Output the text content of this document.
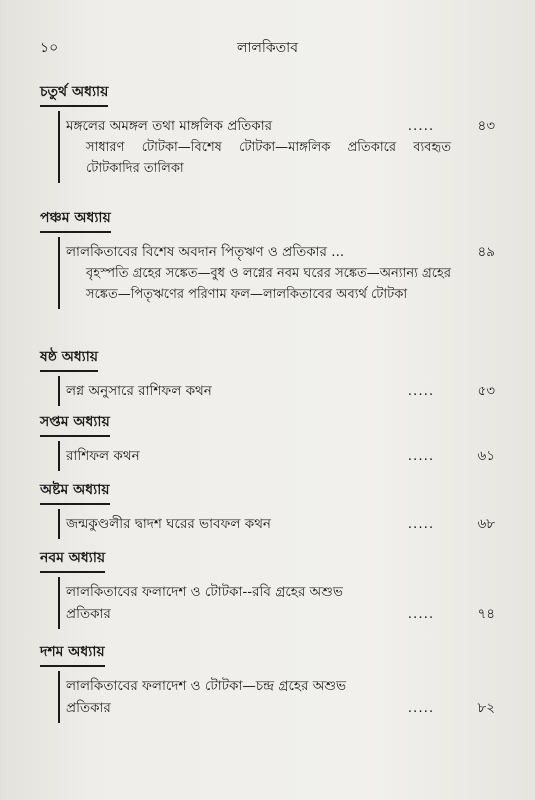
১০	লালকিতাব
চতুর্থ অধ্যায়
মঙ্গলের অমঙ্গল তথা মাঙ্গলিক প্রতিকার	.....	৪৩
সাধারণ টোটকা—বিশেষ টোটকা—মাঙ্গলিক প্রতিকারে ব্যবহৃত টোটকাদির তালিকা
পঞ্চম অধ্যায়
লালকিতাবের বিশেষ অবদান পিতৃঋণ ও প্রতিকার ...	৪৯
বৃহস্পতি গ্রহের সঙ্কেত—বুধ ও লগ্নের নবম ঘরের সঙ্কেত—অন্যান্য গ্রহের সঙ্কেত—পিতৃঋণের পরিণাম ফল—লালকিতাবের অব্যর্থ টোটকা
ষষ্ঠ অধ্যায়
লগ্ন অনুসারে রাশিফল কথন	.....	৫৩
সপ্তম অধ্যায়
রাশিফল কথন	.....	৬১
অষ্টম অধ্যায়
জন্মকুণ্ডলীর দ্বাদশ ঘরের ভাবফল কথন	.....	৬৮
নবম অধ্যায়
লালকিতাবের ফলাদেশ ও টোটকা--রবি গ্রহের অশুভ
প্রতিকার	.....	৭৪
দশম অধ্যায়
লালকিতাবের ফলাদেশ ও টোটকা—চন্দ্র গ্রহের অশুভ
প্রতিকার	.....	৮২
